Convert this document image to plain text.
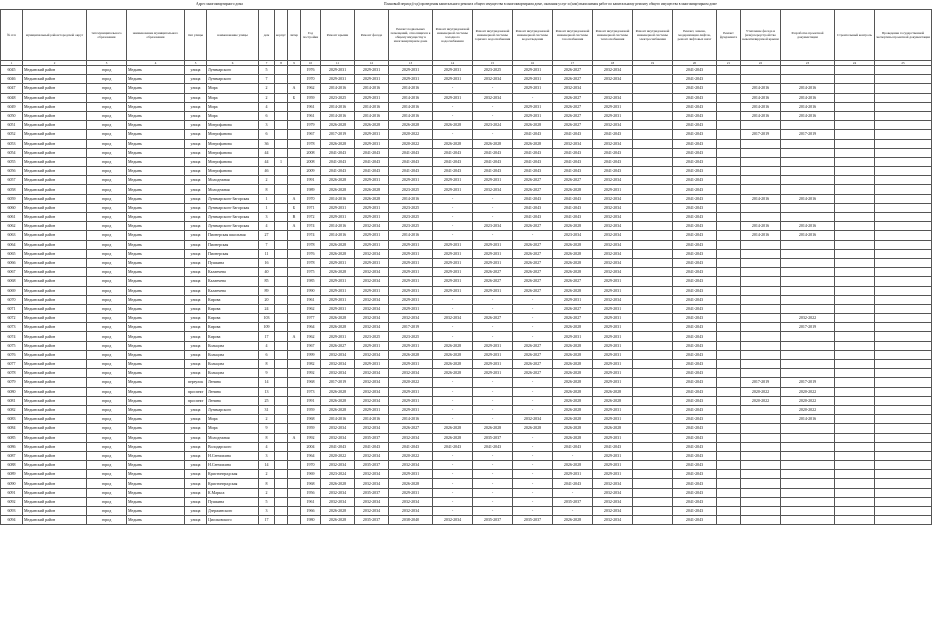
Адрес многоквартирного дома	Плановый период (год) проведения капитального ремонта общего имущества в многоквартирном доме, оказания услуг и (или) выполнения работ по капитальному ремонту общего имущества в многоквартирном доме
№ п/п	муниципальный район/городской округ	тип муниципального образования	наименование муниципального образования	тип улицы	наименование улицы	дом	корпус	литер	Год постройки	Ремонт крыши	Ремонт фасада	Ремонт подвальных помещений, относящихся к общему имуществу в многоквартирном доме	Ремонт внутридомовой инженерной системы холодного водоснабжения	Ремонт внутридомовой инженерной системы горячего водоснабжения	Ремонт внутридомовой инженерной системы водоотведения	Ремонт внутридомовой инженерной системы газоснабжения	Ремонт внутридомовой инженерной системы теплоснабжения	Ремонт внутридомовой инженерной системы электроснабжения	Ремонт, замена, модернизация лифтов, ремонт лифтовых шахт	Ремонт фундамента	Утепление фасада и (или) переустройство невентилируемой крыши	Разработка проектной документации	Строительный контроль	Проведение государственной экспертизы проектной документации
1	2	3	4	5	6	7	8	9	10	11	12	13	14	15	16	17	18	19	20	21	22	23	24	25
6045	Медынский район	город	Медынь	улица	Луначарского	5			1976	2029-2031	2029-2031	2029-2031	2029-2031	2023-2025	2029-2031	2026-2027	2032-2034		2041-2043					
6046	Медынский район	город	Медынь	улица	Луначарского	7			1970	2029-2031	2029-2031	2029-2031	2029-2031	2032-2034	2029-2031	2026-2027	2032-2034		2041-2043					
6047	Медынский район	город	Медынь	улица	Мира	2		А	1962	2014-2016	2014-2016	2014-2016	-	-	2029-2031	2032-2034			2041-2043		2014-2016	2014-2016		
6048	Медынский район	город	Медынь	улица	Мира	2		Б	1959	2023-2025	2029-2031	2014-2016	2029-2031	2032-2034	-	2026-2027	2032-2034		2041-2043		2014-2016	2014-2016		
6049	Медынский район	город	Медынь	улица	Мира	4			1961	2014-2016	2014-2016	2014-2016	-	-	2029-2031	2026-2027	2029-2031		2041-2043		2014-2016	2014-2016		
6050	Медынский район	город	Медынь	улица	Мира	6			1961	2014-2016	2014-2016	2014-2016	-	-	2029-2031	2026-2027	2029-2031		2041-2043		2014-2016	2014-2016		
6051	Медынский район	город	Медынь	улица	Митрофанова	3			1979	2026-2028	2026-2028	2026-2028	2026-2028	2023-2024	2026-2028	2026-2027	2032-2034		2041-2043					
6052	Медынский район	город	Медынь	улица	Митрофанова	6			1967	2017-2019	2029-2031	2020-2022	-	-	2041-2043	2041-2043	2041-2043		2041-2043		2017-2019	2017-2019		
6053	Медынский район	город	Медынь	улица	Митрофанова	36			1978	2026-2028	2029-2031	2020-2022	2026-2028	2026-2028	2026-2028	2032-2034	2032-2034		2041-2043					
6054	Медынский район	город	Медынь	улица	Митрофанова	44			2008	2041-2043	2041-2043	2041-2043	2041-2043	2041-2043	2041-2043	2041-2043	2041-2043		2041-2043					
6055	Медынский район	город	Медынь	улица	Митрофанова	44	1		2008	2041-2043	2041-2043	2041-2043	2041-2043	2041-2043	2041-2043	2041-2043	2041-2043		2041-2043					
6056	Медынский район	город	Медынь	улица	Митрофанова	46			2009	2041-2043	2041-2043	2041-2043	2041-2043	2041-2043	2041-2043	2041-2043	2041-2043		2041-2043					
6057	Медынский район	город	Медынь	улица	Молодежная	2			1991	2026-2028	2029-2031	2029-2031	2029-2031	2029-2031	2026-2027	2026-2027	2032-2034		2041-2043					
6058	Медынский район	город	Медынь	улица	Молодежная	8			1989	2026-2028	2026-2028	2023-2025	2029-2031	2032-2034	2026-2027	2026-2028	2029-2031		2041-2043					
6059	Медынский район	город	Медынь	улица	Луначарского-Загорская	1		А	1970	2014-2016	2026-2028	2014-2016	-	-	2041-2043	2041-2043	2032-2034		2041-2043		2014-2016	2014-2016		
6060	Медынский район	город	Медынь	улица	Луначарского-Загорская	1		Б	1971	2029-2031	2029-2031	2023-2025	-	-	2041-2043	2041-2043	2032-2034		2041-2043					
6061	Медынский район	город	Медынь	улица	Луначарского-Загорская	3		В	1972	2029-2031	2029-2031	2023-2025	-	-	2041-2043	2041-2043	2032-2034		2041-2043					
6062	Медынский район	город	Медынь	улица	Луначарского-Загорская	4		А	1974	2014-2016	2032-2034	2023-2025	-	2023-2034	2026-2027	2026-2028	2032-2034		2041-2043		2014-2016	2014-2016		
6063	Медынский район	город	Медынь	улица	Пионерская школьная	27			1974	2014-2016	2029-2031	2014-2016	-	-	-	2023-2034	2032-2034		2041-2043		2014-2016	2014-2016		
6064	Медынский район	город	Медынь	улица	Пионерская	7			1978	2026-2028	2029-2031	2029-2031	2029-2031	2029-2031	2026-2027	2026-2028	2032-2034		2041-2043					
6065	Медынский район	город	Медынь	улица	Пионерская	11			1976	2026-2028	2032-2034	2029-2031	2029-2031	2029-2031	2026-2027	2026-2028	2032-2034		2041-2043					
6066	Медынский район	город	Медынь	улица	Пушкина	16			1978	2029-2031	2029-2031	2029-2031	2029-2031	2029-2031	2026-2027	2026-2028	2032-2034		2041-2043					
6067	Медынский район	город	Медынь	улица	Каланчева	40			1975	2026-2028	2032-2034	2029-2031	2029-2031	2026-2027	2026-2027	2026-2028	2032-2034		2041-2043					
6068	Медынский район	город	Медынь	улица	Каланчева	85			1985	2029-2031	2032-2034	2029-2031	2029-2031	2026-2027	2026-2027	2026-2027	2029-2031		2041-2043					
6069	Медынский район	город	Медынь	улица	Каланчева	89			1990	2029-2031	2029-2031	2029-2031	2029-2031	2029-2031	2026-2027	2026-2028	2029-2031		2041-2043					
6070	Медынский район	город	Медынь	улица	Кирова	20			1961	2029-2031	2032-2034	2029-2031	-	-	-	2029-2031	2032-2034		2041-2043					
6071	Медынский район	город	Медынь	улица	Кирова	24			1962	2029-2031	2032-2034	2029-2031	-	-	-	2026-2027	2029-2031		2041-2043					
6072	Медынский район	город	Медынь	улица	Кирова	103			1977	2026-2028	2032-2034	2032-2034	2032-2034	2026-2027	-	2026-2027	2029-2031		2041-2043			2032-2022		
6073	Медынский район	город	Медынь	улица	Кирова	109			1964	2026-2028	2032-2034	2017-2019	-	-	-	2026-2028	2029-2031		2041-2043			2017-2019		
6074	Медынский район	город	Медынь	улица	Кирова	17		А	1962	2029-2031	2023-2025	2023-2025	-	-	-	2029-2031	2029-2031		2041-2043					
6075	Медынский район	город	Медынь	улица	Кольцова	4			1967	2026-2027	2029-2031	2029-2031	2026-2028	2029-2031	2026-2027	2026-2028	2029-2031		2041-2043					
6076	Медынский район	город	Медынь	улица	Кольцова	6			1999	2032-2034	2032-2034	2026-2028	2026-2028	2029-2031	2026-2027	2026-2028	2029-2031		2041-2043					
6077	Медынский район	город	Медынь	улица	Кольцова	8			1982	2032-2034	2029-2031	2029-2031	2026-2028	2029-2031	2026-2027	2026-2028	2029-2031		2041-2043					
6078	Медынский район	город	Медынь	улица	Кольцова	9			1992	2032-2034	2032-2034	2032-2034	2026-2028	2029-2031	2026-2027	2026-2028	2029-2031		2041-2043					
6079	Медынский район	город	Медынь	переулок	Ленина	14			1968	2017-2019	2032-2034	2020-2022	-	-	-	2026-2028	2029-2031		2041-2043		2017-2019	2017-2019		
6080	Медынский район	город	Медынь	проспект	Ленина	13			1973	2026-2028	2032-2034	2029-2031	-	-	-	2026-2028	2026-2028		2041-2043		2020-2022	2020-2022		
6081	Медынский район	город	Медынь	проспект	Ленина	25			1991	2026-2028	2032-2034	2029-2031	-	-	-	2026-2028	2026-2028		2041-2043		2020-2022	2020-2022		
6082	Медынский район	город	Медынь	улица	Луначарского	31			1959	2026-2028	2029-2031	2029-2031	-	-	-	2026-2028	2029-2031		2041-2043			2020-2022		
6083	Медынский район	город	Медынь	улица	Мира	2			1968	2014-2016	2014-2016	2014-2016	-	-	2032-2034	2026-2028	2029-2031		2041-2043			2014-2016		
6084	Медынский район	город	Медынь	улица	Мира	9			1959	2032-2034	2032-2034	2026-2027	2026-2028	2026-2028	2026-2028	2026-2028	2026-2028		2041-2043					
6085	Медынский район	город	Медынь	улица	Молодежная	8		А	1992	2032-2034	2035-2037	2032-2034	2026-2028	2035-2037	-	2026-2028	2029-2031		2041-2043					
6086	Медынский район	город	Медынь	улица	Володарского	4			2004	2041-2043	2041-2043	2041-2043	2041-2043	2041-2043	-	2041-2043	2041-2043		2041-2043					
6087	Медынский район	город	Медынь	улица	Н.Сенчихина	3			1964	2020-2022	2032-2034	2020-2022	-	-	-	-	2029-2031		2041-2043					
6088	Медынский район	город	Медынь	улица	Н.Сенчихина	14			1970	2032-2034	2035-2037	2032-2034	-	-	-	2026-2028	2029-2031		2041-2043					
6089	Медынский район	город	Медынь	улица	Кристинградская	2			1969	2023-2024	2032-2034	2029-2031	-	-	-	2029-2031	2029-2031		2041-2043					
6090	Медынский район	город	Медынь	улица	Кристинградская	8			1968	2026-2028	2032-2034	2026-2028	-	-	-	2041-2043	2032-2034		2041-2043					
6091	Медынский район	город	Медынь	улица	К.Маркса	2			1956	2032-2034	2035-2037	2029-2031	-	-	-	-	2032-2034		2041-2043					
6092	Медынский район	город	Медынь	улица	Пушкина	5			1961	2032-2034	2032-2034	2032-2034	-	-	-	2035-2037	2032-2034		2041-2043					
6093	Медынский район	город	Медынь	улица	Дзержинского	3			1966	2026-2028	2032-2034	2032-2034	-	-	-	-	2032-2034		2041-2043					
6094	Медынский район	город	Медынь	улица	Циолковского	17			1980	2026-2028	2035-2037	2038-2040	2032-2034	2035-2037	2035-2037	2026-2028	2032-2034		2041-2043					
